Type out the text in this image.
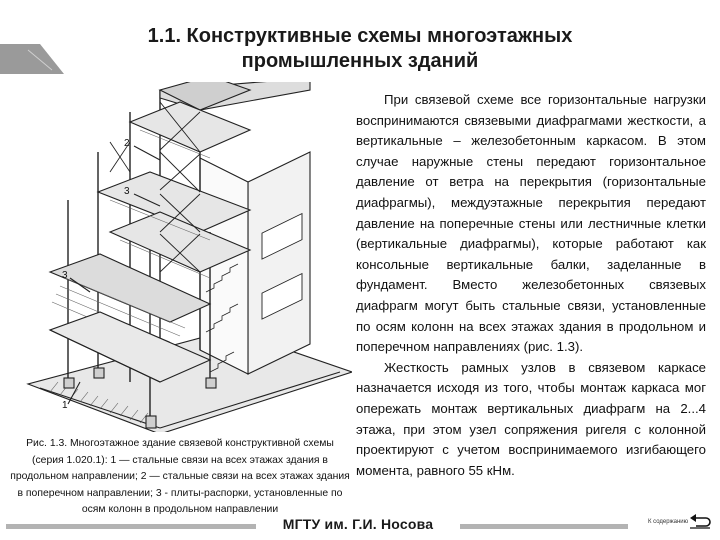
1.1. Конструктивные схемы многоэтажных
промышленных зданий
2
3
3
1
Рис. 1.3. Многоэтажное здание связевой конструктивной схемы (серия 1.020.1): 1 — стальные связи на всех этажах здания в продольном направлении; 2 — стальные связи на всех этажах здания в поперечном направлении; 3 - плиты-распорки, установленные по осям колонн в продольном направлении

При связевой схеме все горизонтальные нагрузки воспринимаются связевыми диафрагмами жесткости, а вертикальные – железобетонным каркасом. В этом случае наружные стены передают горизонтальное давление от ветра на перекрытия (горизонтальные диафрагмы), междуэтажные перекрытия передают давление на поперечные стены или лестничные клетки (вертикальные диафрагмы), которые работают как консольные вертикальные балки, заделанные в фундамент. Вместо железобетонных связевых диафрагм могут быть стальные связи, установленные по осям колонн на всех этажах здания в продольном и поперечном направлениях (рис. 1.3).

Жесткость рамных узлов в связевом каркасе назначается исходя из того, чтобы монтаж каркаса мог опережать монтаж вертикальных диафрагм на 2...4 этажа, при этом узел сопряжения ригеля с колонной проектируют с учетом воспринимаемого изгибающего момента, равного 55 кНм.

МГТУ им. Г.И. Носова	К содержанию
